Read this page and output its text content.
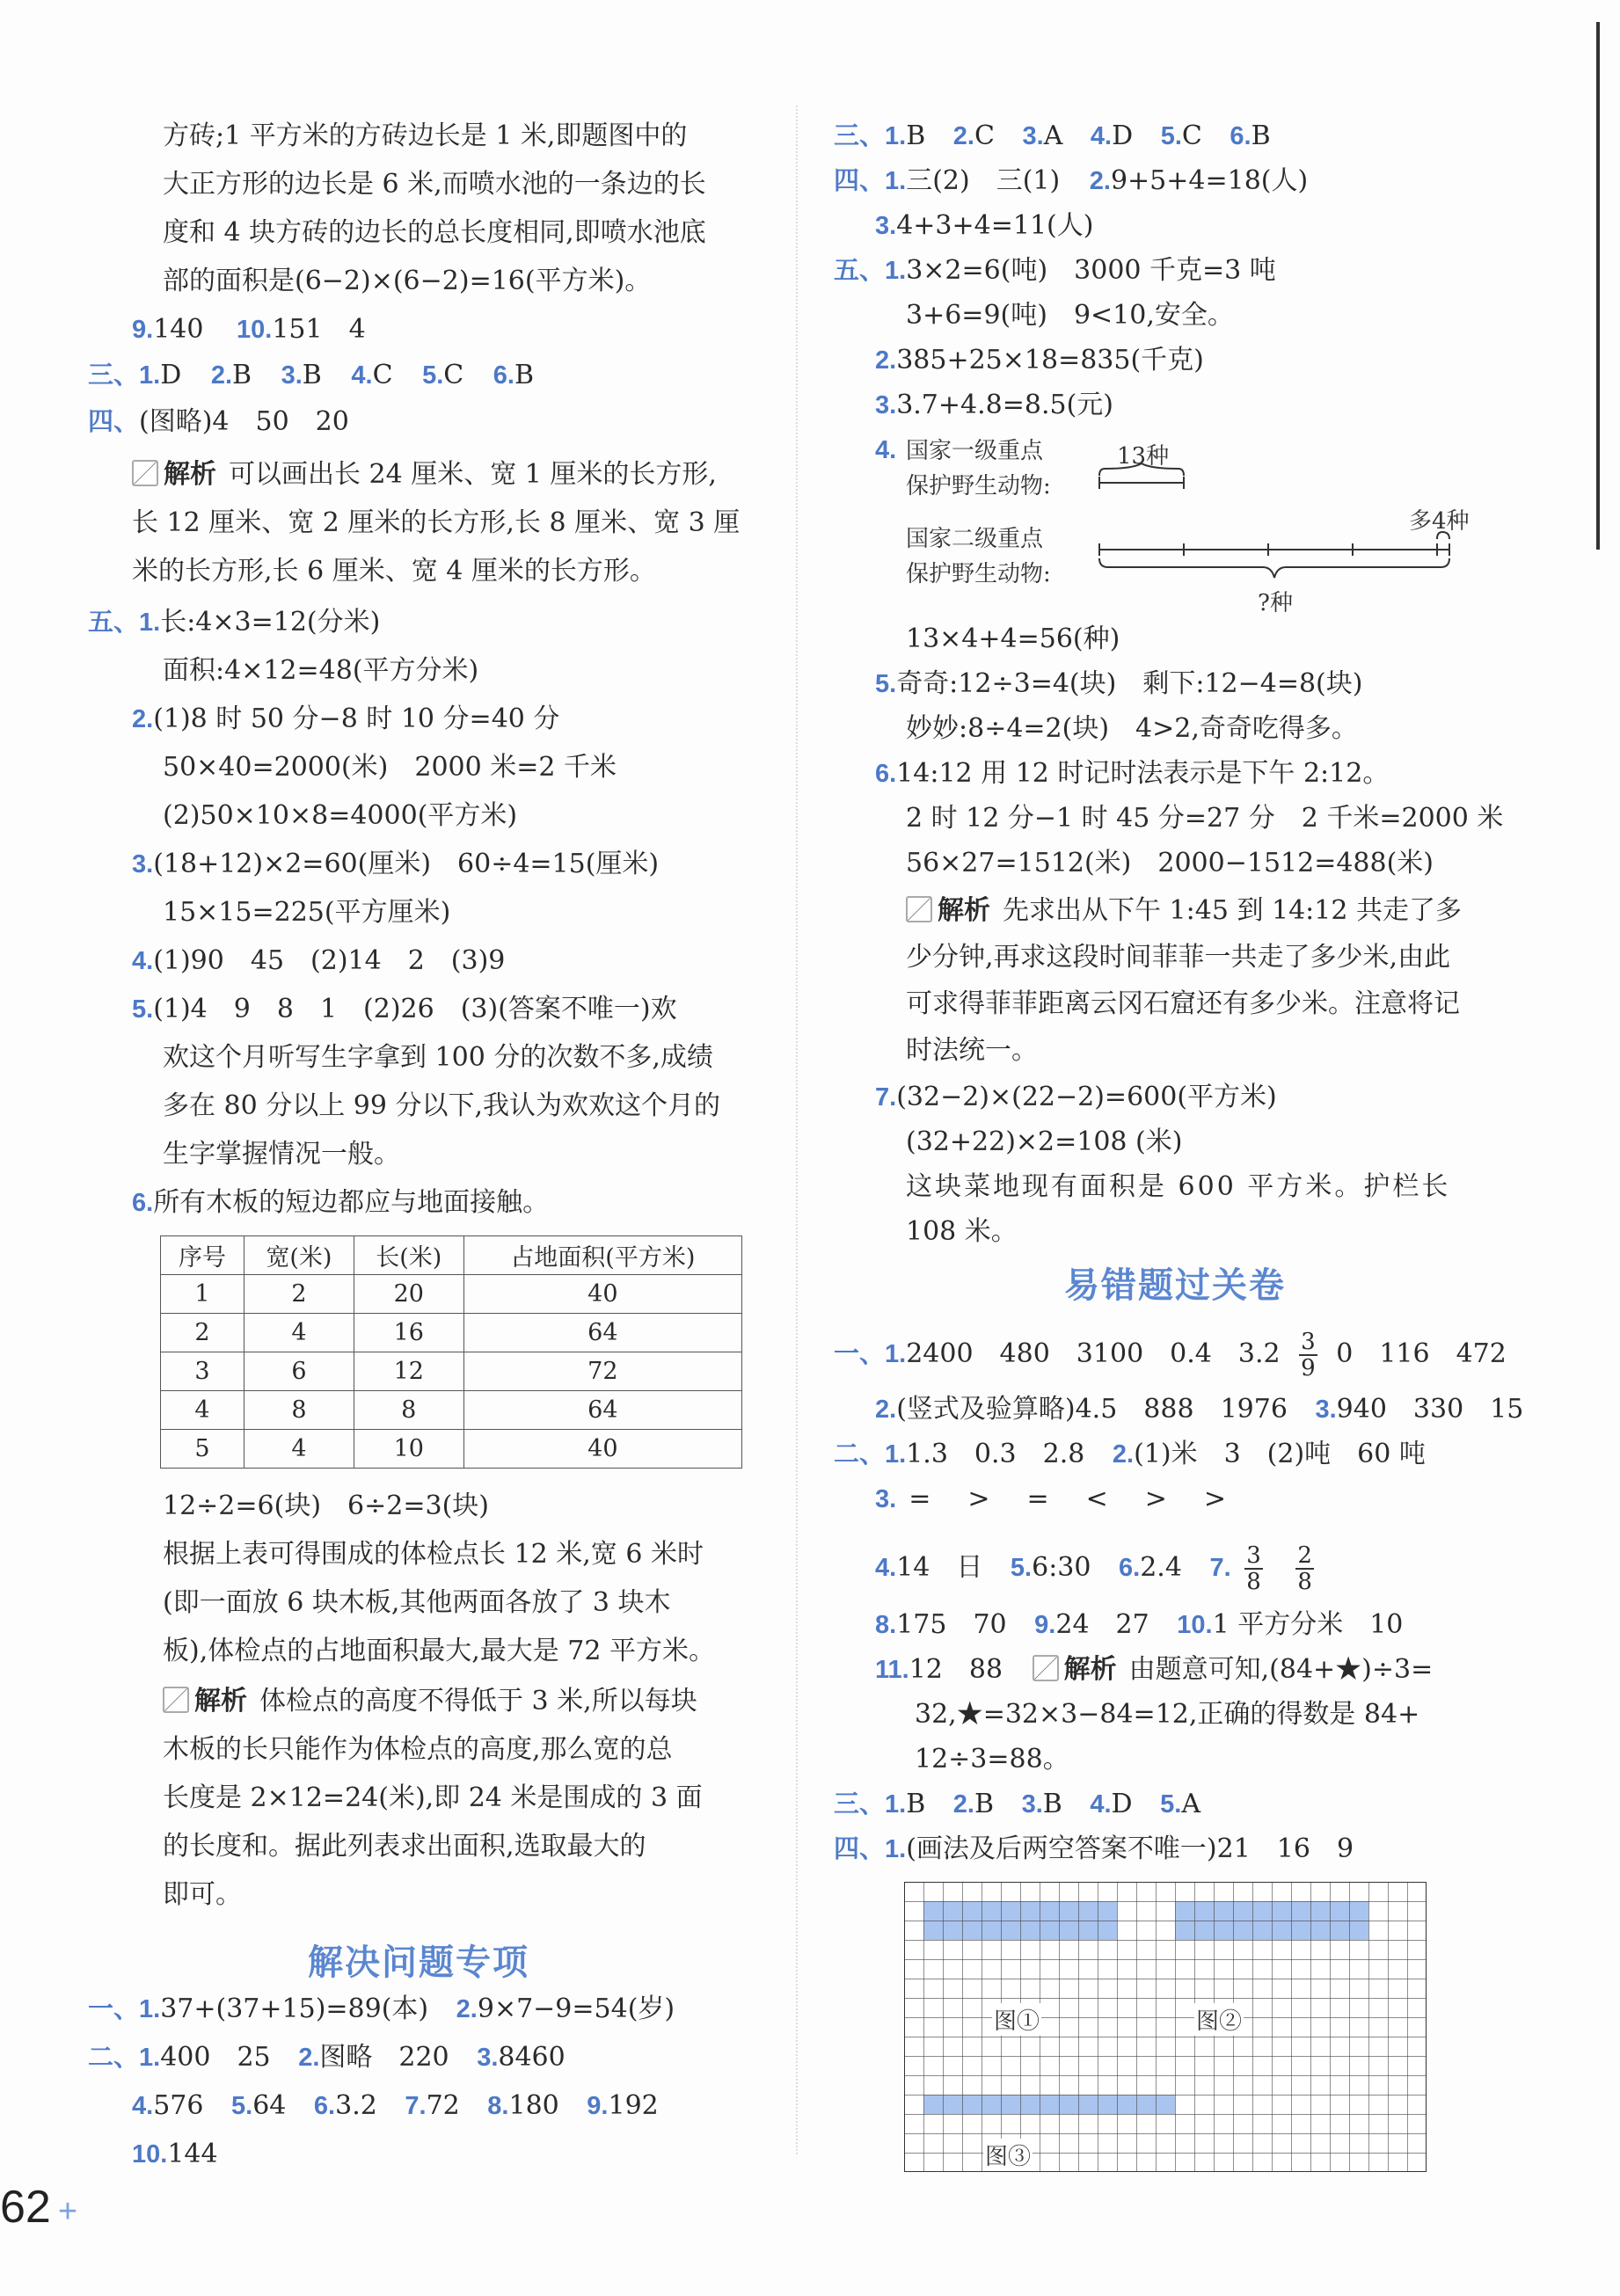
方砖;1 平方米的方砖边长是 1 米,即题图中的
大正方形的边长是 6 米,而喷水池的一条边的长
度和 4 块方砖的边长的总长度相同,即喷水池底
部的面积是(6−2)×(6−2)=16(平方米)。
9.140 10.151　4
三、1.D 2.B 3.B 4.C 5.C 6.B
四、(图略)4　50　20
解析 可以画出长 24 厘米、宽 1 厘米的长方形,
长 12 厘米、宽 2 厘米的长方形,长 8 厘米、宽 3 厘
米的长方形,长 6 厘米、宽 4 厘米的长方形。
五、1.长:4×3=12(分米)
面积:4×12=48(平方分米)
2.(1)8 时 50 分−8 时 10 分=40 分
50×40=2000(米)　2000 米=2 千米
(2)50×10×8=4000(平方米)
3.(18+12)×2=60(厘米)　60÷4=15(厘米)
15×15=225(平方厘米)
4.(1)90　45　(2)14　2　(3)9
5.(1)4　9　8　1　(2)26　(3)(答案不唯一)欢
欢这个月听写生字拿到 100 分的次数不多,成绩
多在 80 分以上 99 分以下,我认为欢欢这个月的
生字掌握情况一般。
6.所有木板的短边都应与地面接触。
序号	宽(米)	长(米)	占地面积(平方米)
1	2	20	40
2	4	16	64
3	6	12	72
4	8	8	64
5	4	10	40
12÷2=6(块)　6÷2=3(块)
根据上表可得围成的体检点长 12 米,宽 6 米时
(即一面放 6 块木板,其他两面各放了 3 块木
板),体检点的占地面积最大,最大是 72 平方米。
解析 体检点的高度不得低于 3 米,所以每块
木板的长只能作为体检点的高度,那么宽的总
长度是 2×12=24(米),即 24 米是围成的 3 面
的长度和。据此列表求出面积,选取最大的
即可。
解决问题专项
一、1.37+(37+15)=89(本) 2.9×7−9=54(岁)
二、1.400　25 2.图略　220 3.8460
4.576 5.64 6.3.2 7.72 8.180 9.192
10.144
62 +
三、1.B 2.C 3.A 4.D 5.C 6.B
四、1.三(2)　三(1) 2.9+5+4=18(人)
3.4+3+4=11(人)
五、1.3×2=6(吨)　3000 千克=3 吨
3+6=9(吨)　9<10,安全。
2.385+25×18=835(千克)
3.3.7+4.8=8.5(元)
4. 国家一级重点
保护野生动物:
13种
国家二级重点
保护野生动物:
多4种
?种
13×4+4=56(种)
5.奇奇:12÷3=4(块)　剩下:12−4=8(块)
妙妙:8÷4=2(块)　4>2,奇奇吃得多。
6.14:12 用 12 时记时法表示是下午 2:12。
2 时 12 分−1 时 45 分=27 分　2 千米=2000 米
56×27=1512(米)　2000−1512=488(米)
解析 先求出从下午 1:45 到 14:12 共走了多
少分钟,再求这段时间菲菲一共走了多少米,由此
可求得菲菲距离云冈石窟还有多少米。注意将记
时法统一。
7.(32−2)×(22−2)=600(平方米)
(32+22)×2=108 (米)
这块菜地现有面积是 600 平方米。护栏长
108 米。
易错题过关卷
一、1.2400　480　3100　0.4　$3.2 \frac{3}{9} 0$　116　472
2.(竖式及验算略)4.5　888　1976 3.940　330　15
二、1.1.3　0.3　2.8 2.(1)米　3　(2)吨　60 吨
3. =　>　=　<　>　>
4.14　日 5.6:30 6.2.4 7. $\frac{3}{8}$
$\frac{2}{8}$
8.175　70 9.24　27 10.1 平方分米　10
11.12　88 解析 由题意可知,(84+★)÷3=
32,★=32×3−84=12,正确的得数是 84+
12÷3=88。
三、1.B 2.B 3.B 4.D 5.A
四、1.(画法及后两空答案不唯一)21　16　9
图①	图②
图③
